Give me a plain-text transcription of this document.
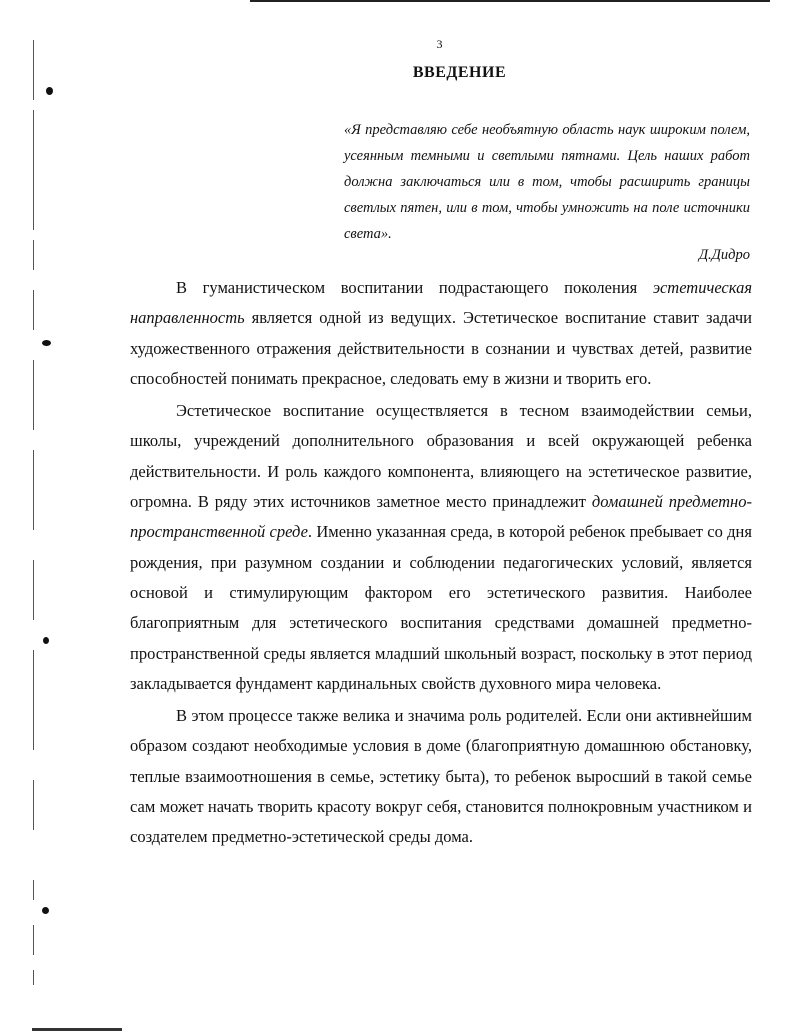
3
ВВЕДЕНИЕ
«Я представляю себе необъятную область наук широким полем, усеянным темными и светлыми пятнами. Цель наших работ должна заключаться или в том, чтобы расширить границы светлых пятен, или в том, чтобы умножить на поле источники света».
Д.Дидро

В гуманистическом воспитании подрастающего поколения эстетическая направленность является одной из ведущих. Эстетическое воспитание ставит задачи художественного отражения действительности в сознании и чувствах детей, развитие способностей понимать прекрасное, следовать ему в жизни и творить его.

Эстетическое воспитание осуществляется в тесном взаимодействии семьи, школы, учреждений дополнительного образования и всей окружающей ребенка действительности. И роль каждого компонента, влияющего на эстетическое развитие, огромна. В ряду этих источников заметное место принадлежит домашней предметно-пространственной среде. Именно указанная среда, в которой ребенок пребывает со дня рождения, при разумном создании и соблюдении педагогических условий, является основой и стимулирующим фактором его эстетического развития. Наиболее благоприятным для эстетического воспитания средствами домашней предметно-пространственной среды является младший школьный возраст, поскольку в этот период закладывается фундамент кардинальных свойств духовного мира человека.

В этом процессе также велика и значима роль родителей. Если они активнейшим образом создают необходимые условия в доме (благоприятную домашнюю обстановку, теплые взаимоотношения в семье, эстетику быта), то ребенок выросший в такой семье сам может начать творить красоту вокруг себя, становится полнокровным участником и создателем предметно-эстетической среды дома.
